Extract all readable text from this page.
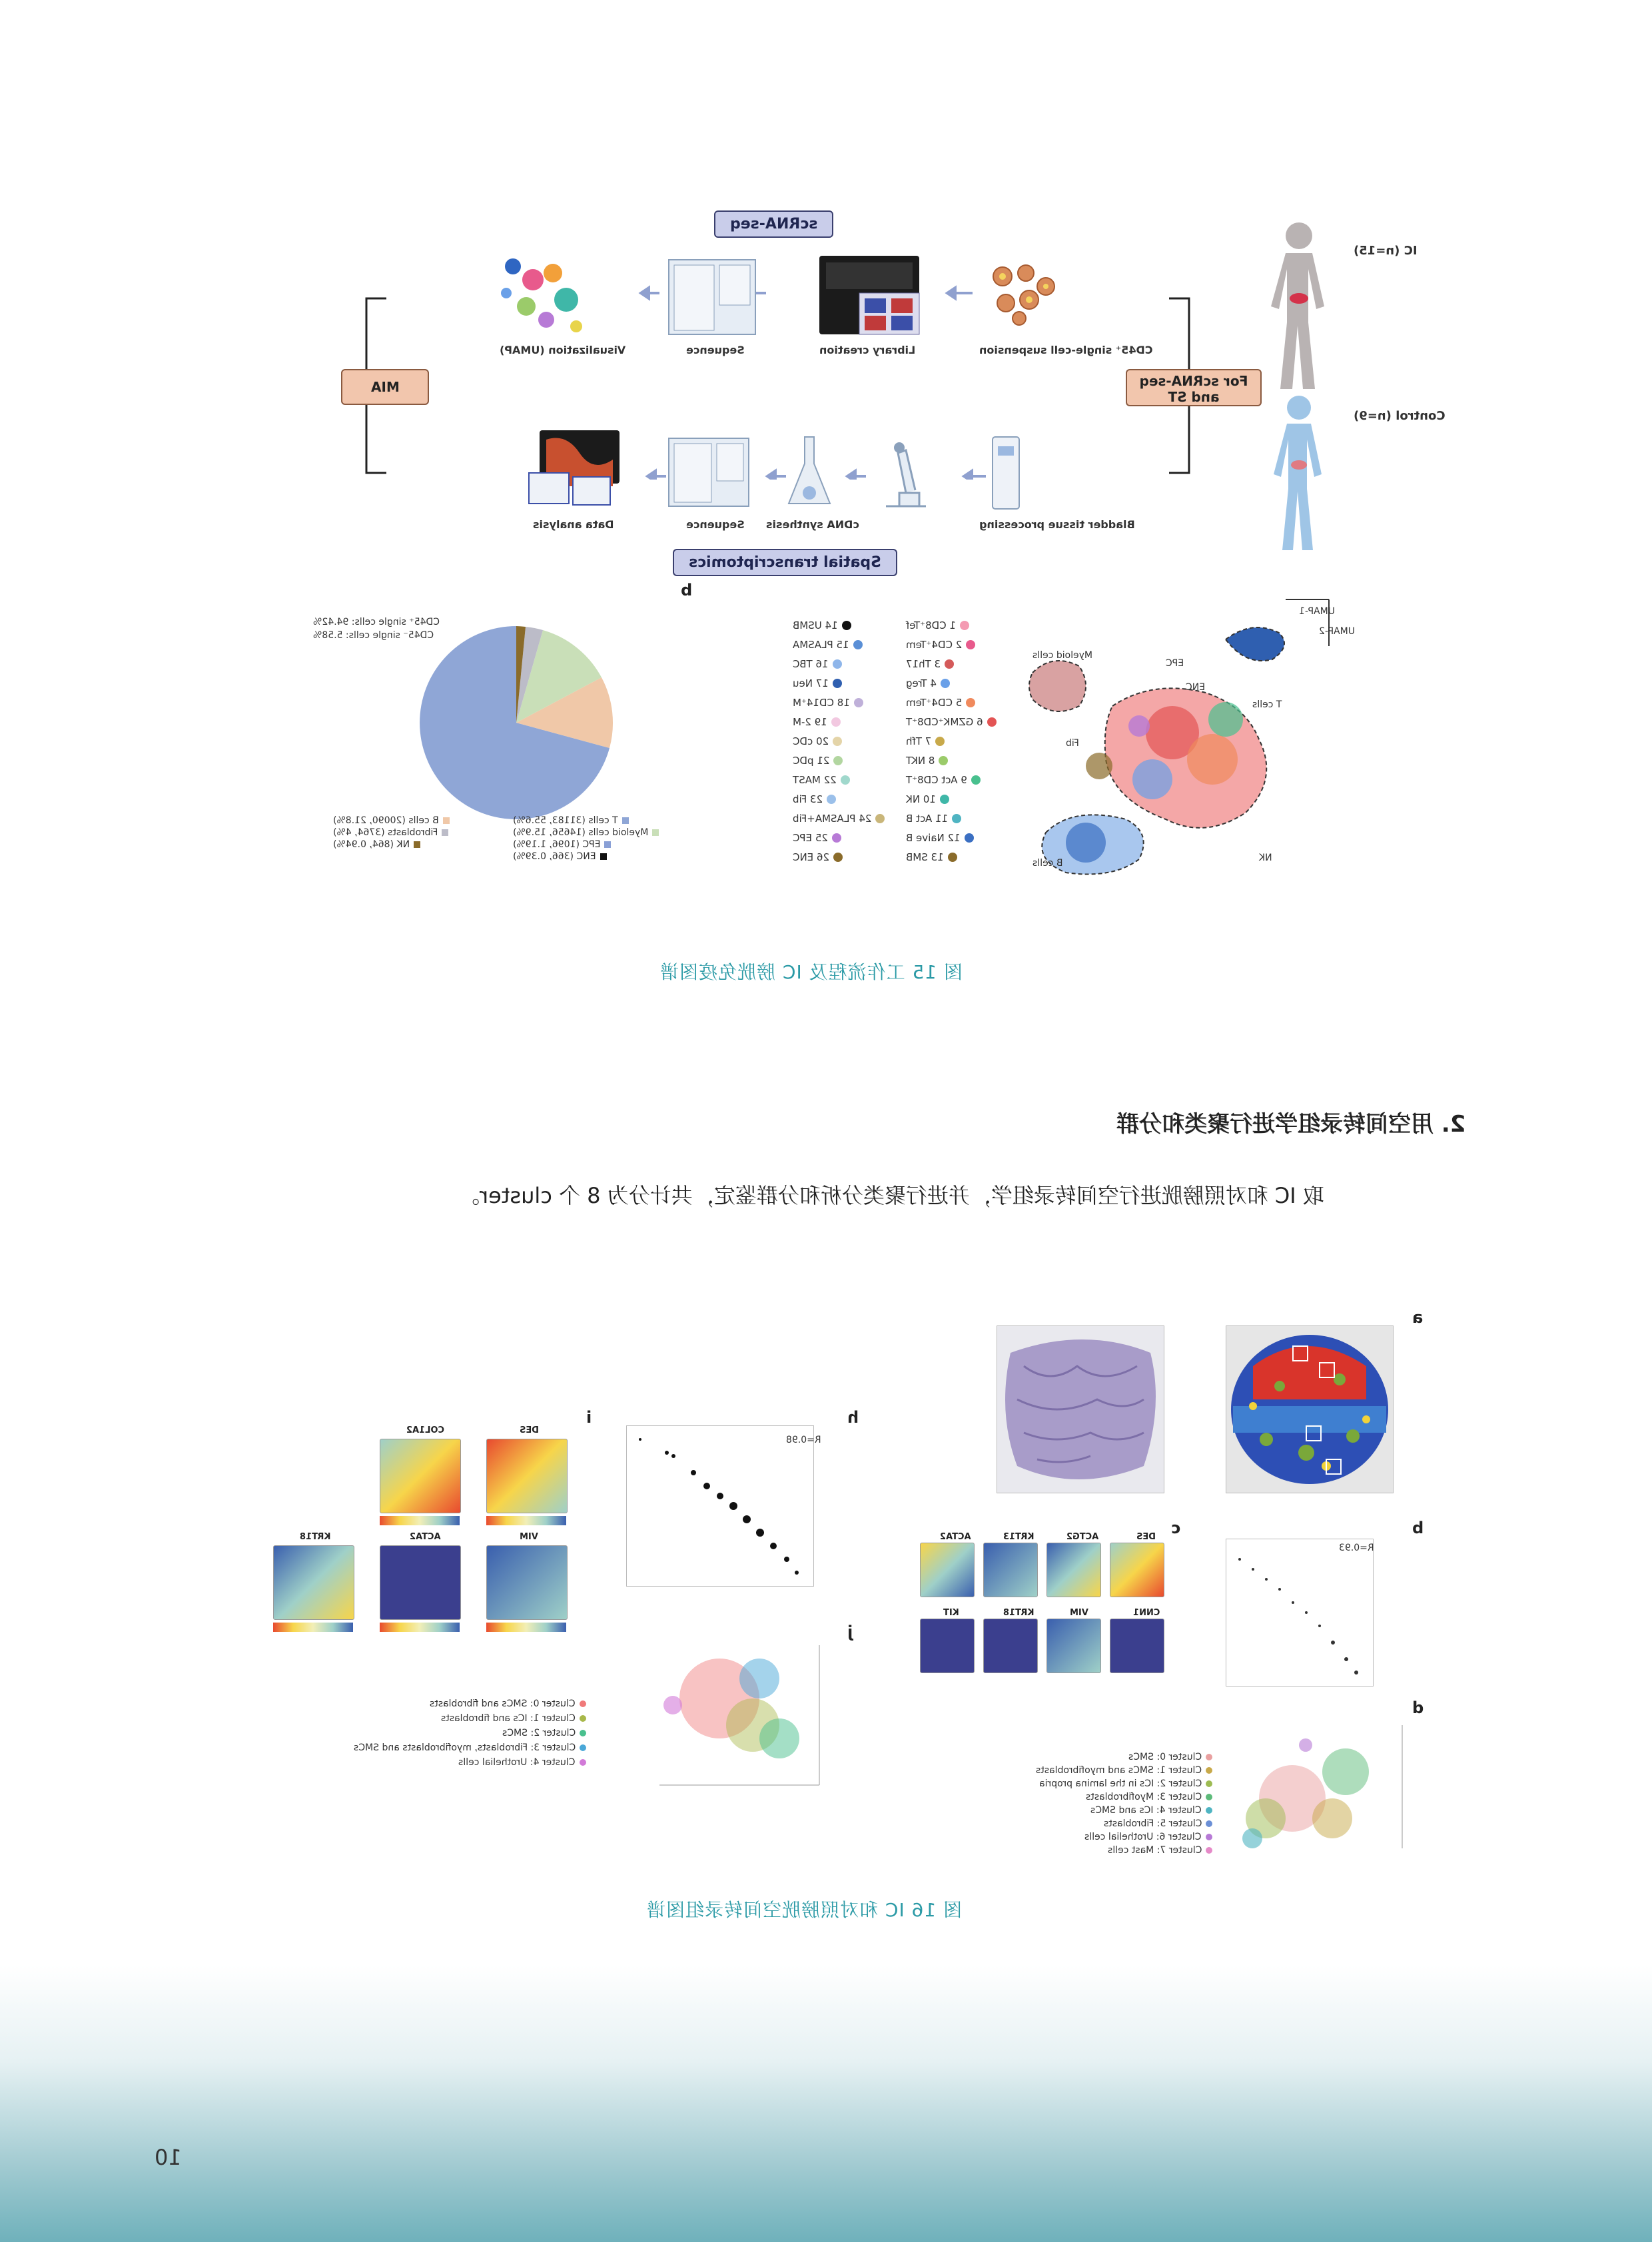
scRNA-seq
IC (n=15)
Control (n=9)
For scRNA-seq and ST
MIA
CD45⁺ single-cell suspension
Library creation
Sequence
Visualization (UMAP)
Bladder tissue processing
cDNA synthesis
Sequence
Data analysis
Spatial transcriptomics
b
UMAP-1
UMAP-2
T cells
B cells
Myeloid cells
NK
EPC
ENC
Fib
14 USMB
15 PLASMA
16 TBC
17 Neu
18 CD14⁺M
19 2-M
20 cDC
21 pDC
22 MAST
23 Fib
24 PLASMA+Fib
25 EPC
26 ENC
1 CD8⁺Tef
2 CD4⁺Tem
3 Th17
4 Treg
5 CD4⁺Tem
6 GZMK⁺CD8⁺T
7 Tfh
8 NKT
9 Act CD8⁺T
10 NK
11 Act B
12 Naive B
13 SMB
CD45⁺ single cells: 94.42%
CD45⁻ single cells: 5.58%
T cells (31183, 55.6%)
B cells (20090, 21.8%)
Myeloid cells (14656, 15.9%)
Fibroblasts (3764, 4%)
EPC (1096, 1.19%)
NK (864, 0.94%)
ENC (366, 0.39%)
图 15 工作流程及 IC 膀胱免疫图谱
2. 用空间转录组学进行聚类和分群
取 IC 和对照膀胱进行空间转录组学，并进行聚类分析和分群鉴定，共计分为 8 个 cluster。
a
b
c
d
h
i
j
R=0.93
DES
ACTG2
KRT13
ACTA2
CNN1
VIM
KRT18
KIT
Cluster 0: SMCs
Cluster 1: SMCs and myofibroblasts
Cluster 2: ICs in the lamina propria
Cluster 3: Myofibroblasts
Cluster 4: ICs and SMCs
Cluster 5: Fibroblasts
Cluster 6: Urothelial cells
Cluster 7: Mast cells
R=0.98
DES
COL1A2
VIM
ACTA2
KRT18
Cluster 0: SMCs and fibroblasts
Cluster 1: ICs and fibroblasts
Cluster 2: SMCs
Cluster 3: Fibroblasts, myofibroblasts and SMCs
Cluster 4: Urothelial cells
图 16 IC 和对照膀胱空间转录组图谱
10
